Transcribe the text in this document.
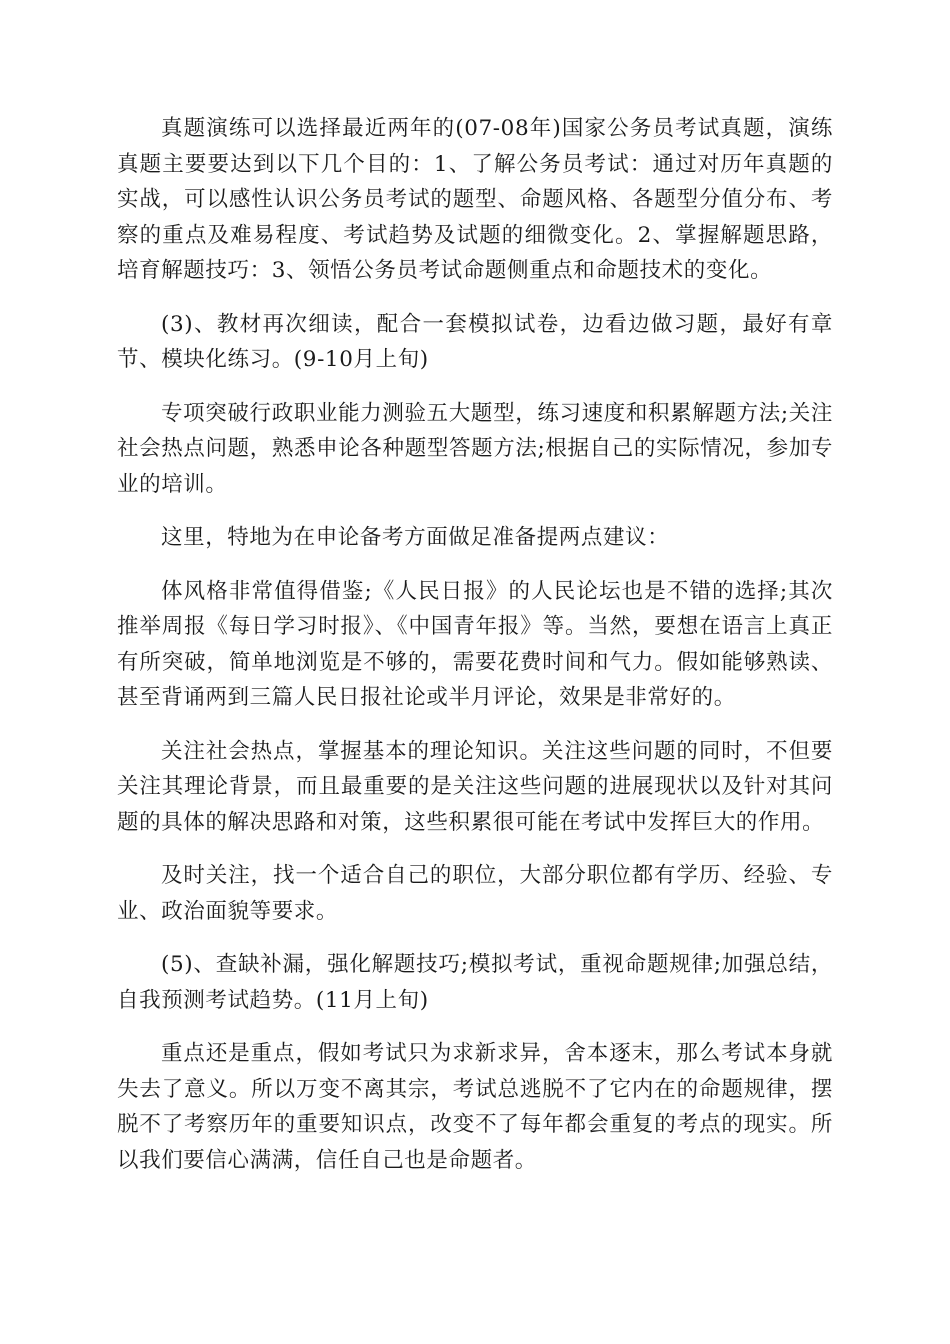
真题演练可以选择最近两年的(07-08年)国家公务员考试真题，演练真题主要要达到以下几个目的：1、了解公务员考试：通过对历年真题的实战，可以感性认识公务员考试的题型、命题风格、各题型分值分布、考察的重点及难易程度、考试趋势及试题的细微变化。2、掌握解题思路，培育解题技巧：3、领悟公务员考试命题侧重点和命题技术的变化。

(3)、教材再次细读，配合一套模拟试卷，边看边做习题，最好有章节、模块化练习。(9-10月上旬)

专项突破行政职业能力测验五大题型，练习速度和积累解题方法;关注社会热点问题，熟悉申论各种题型答题方法;根据自己的实际情况，参加专业的培训。

这里，特地为在申论备考方面做足准备提两点建议：

体风格非常值得借鉴;《人民日报》的人民论坛也是不错的选择;其次推举周报《每日学习时报》、《中国青年报》等。当然，要想在语言上真正有所突破，简单地浏览是不够的，需要花费时间和气力。假如能够熟读、甚至背诵两到三篇人民日报社论或半月评论，效果是非常好的。

关注社会热点，掌握基本的理论知识。关注这些问题的同时，不但要关注其理论背景，而且最重要的是关注这些问题的进展现状以及针对其问题的具体的解决思路和对策，这些积累很可能在考试中发挥巨大的作用。

及时关注，找一个适合自己的职位，大部分职位都有学历、经验、专业、政治面貌等要求。

(5)、查缺补漏，强化解题技巧;模拟考试，重视命题规律;加强总结，自我预测考试趋势。(11月上旬)

重点还是重点，假如考试只为求新求异，舍本逐末，那么考试本身就失去了意义。所以万变不离其宗，考试总逃脱不了它内在的命题规律，摆脱不了考察历年的重要知识点，改变不了每年都会重复的考点的现实。所以我们要信心满满，信任自己也是命题者。
